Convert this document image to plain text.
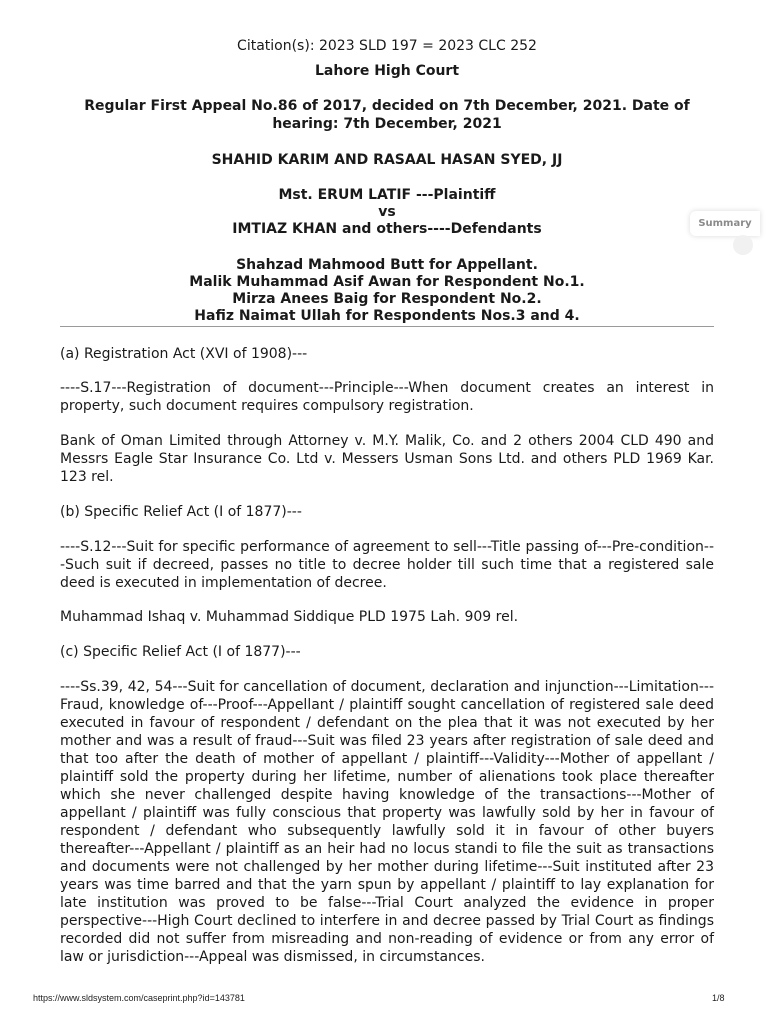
Citation(s): 2023 SLD 197 = 2023 CLC 252
Lahore High Court
Regular First Appeal No.86 of 2017, decided on 7th December, 2021. Date of
hearing: 7th December, 2021
SHAHID KARIM AND RASAAL HASAN SYED, JJ
Mst. ERUM LATIF ---Plaintiff
vs
IMTIAZ KHAN and others----Defendants
Shahzad Mahmood Butt for Appellant.
Malik Muhammad Asif Awan for Respondent No.1.
Mirza Anees Baig for Respondent No.2.
Hafiz Naimat Ullah for Respondents Nos.3 and 4.
(a) Registration Act (XVI of 1908)---
----S.17---Registration of document---Principle---When document creates an interest in property, such document requires compulsory registration.
Bank of Oman Limited through Attorney v. M.Y. Malik, Co. and 2 others 2004 CLD 490 and Messrs Eagle Star Insurance Co. Ltd v. Messers Usman Sons Ltd. and others PLD 1969 Kar. 123 rel.
(b) Specific Relief Act (I of 1877)---
----S.12---Suit for specific performance of agreement to sell---Title passing of---Pre-condition---Such suit if decreed, passes no title to decree holder till such time that a registered sale deed is executed in implementation of decree.
Muhammad Ishaq v. Muhammad Siddique PLD 1975 Lah. 909 rel.
(c) Specific Relief Act (I of 1877)---
----Ss.39, 42, 54---Suit for cancellation of document, declaration and injunction---Limitation---Fraud, knowledge of---Proof---Appellant / plaintiff sought cancellation of registered sale deed executed in favour of respondent / defendant on the plea that it was not executed by her mother and was a result of fraud---Suit was filed 23 years after registration of sale deed and that too after the death of mother of appellant / plaintiff---Validity---Mother of appellant / plaintiff sold the property during her lifetime, number of alienations took place thereafter which she never challenged despite having knowledge of the transactions---Mother of appellant / plaintiff was fully conscious that property was lawfully sold by her in favour of respondent / defendant who subsequently lawfully sold it in favour of other buyers thereafter---Appellant / plaintiff as an heir had no locus standi to file the suit as transactions and documents were not challenged by her mother during lifetime---Suit instituted after 23 years was time barred and that the yarn spun by appellant / plaintiff to lay explanation for late institution was proved to be false---Trial Court analyzed the evidence in proper perspective---High Court declined to interfere in and decree passed by Trial Court as findings recorded did not suffer from misreading and non-reading of evidence or from any error of law or jurisdiction---Appeal was dismissed, in circumstances.
Summary
https://www.sldsystem.com/caseprint.php?id=143781	1/8
